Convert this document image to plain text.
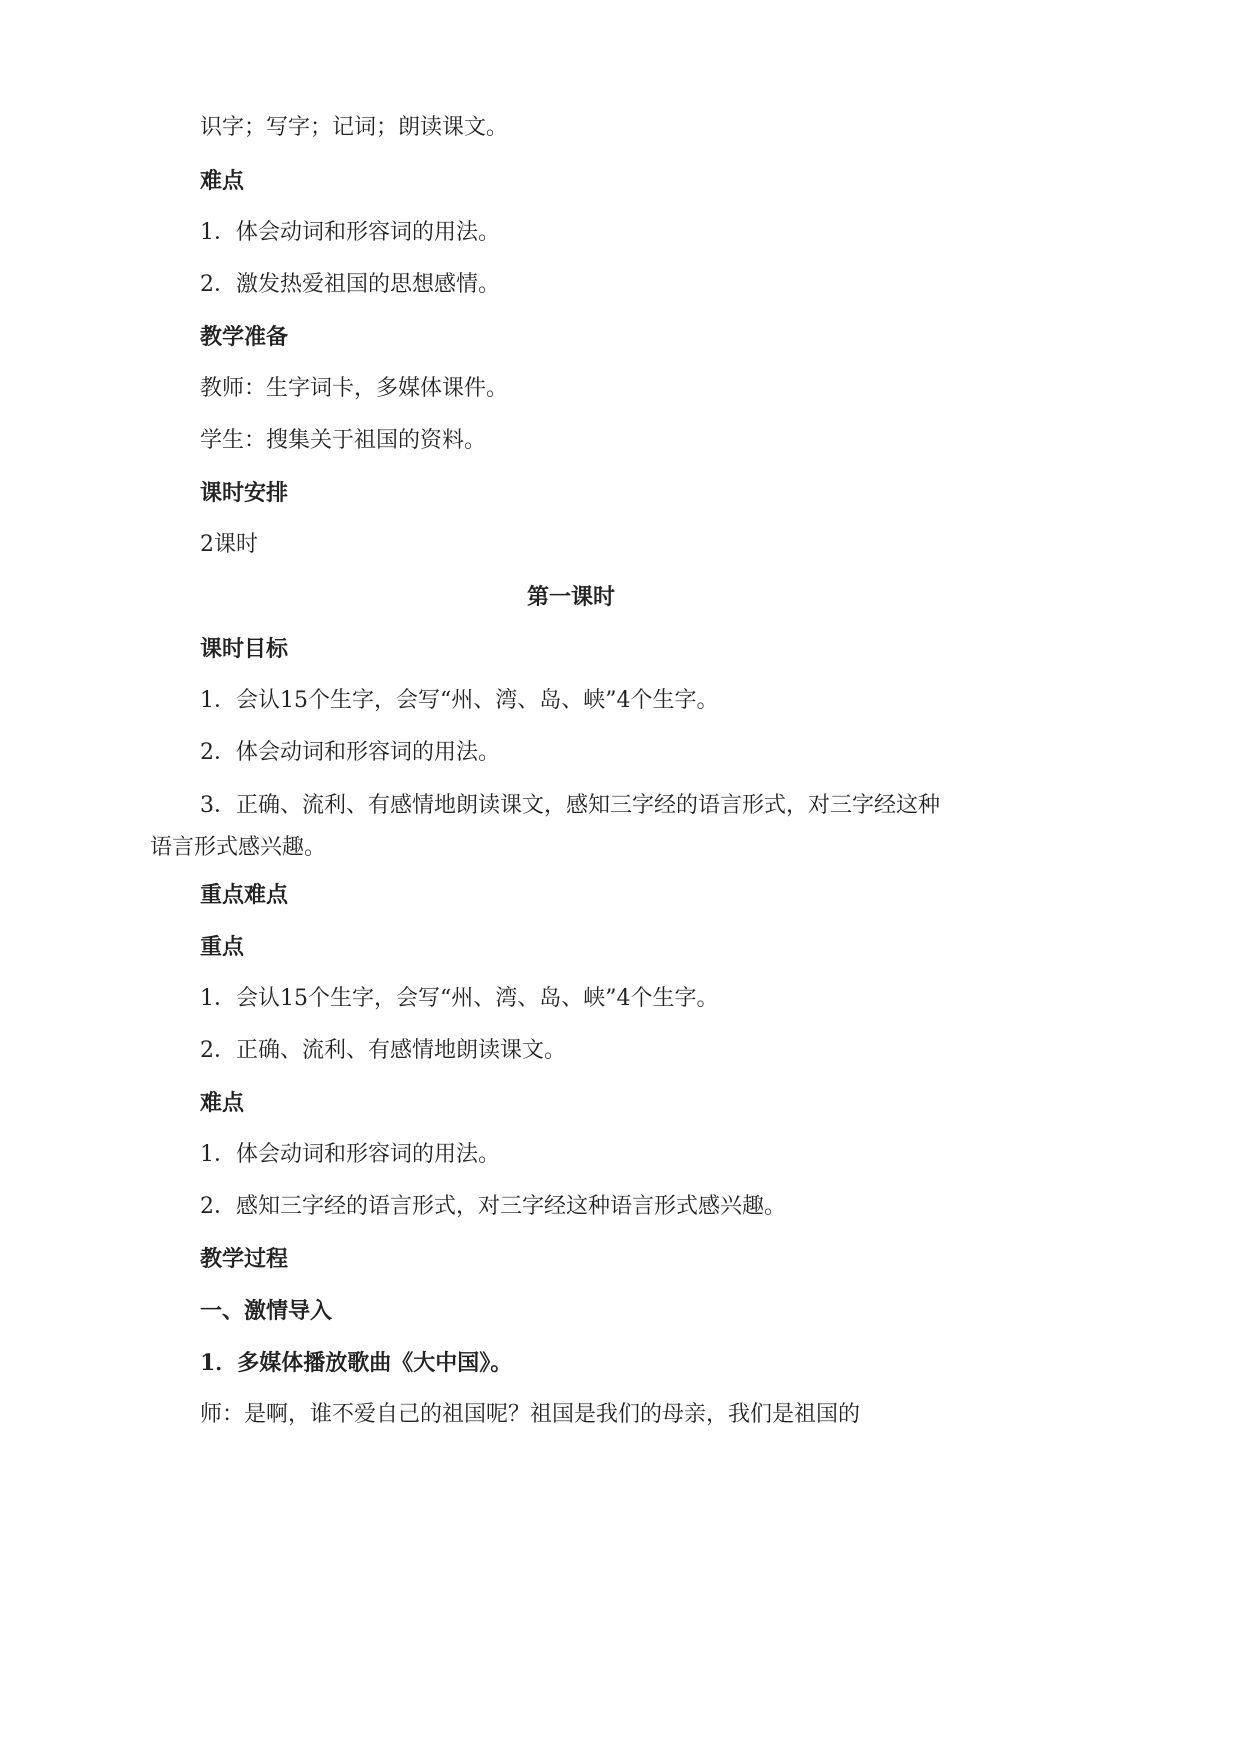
识字；写字；记词；朗读课文。
难点
1．体会动词和形容词的用法。
2．激发热爱祖国的思想感情。
教学准备
教师：生字词卡，多媒体课件。
学生：搜集关于祖国的资料。
课时安排
2课时
第一课时
课时目标
1．会认15个生字，会写“州、湾、岛、峡”4个生字。
2．体会动词和形容词的用法。
3．正确、流利、有感情地朗读课文，感知三字经的语言形式，对三字经这种语言形式感兴趣。
重点难点
重点
1．会认15个生字，会写“州、湾、岛、峡”4个生字。
2．正确、流利、有感情地朗读课文。
难点
1．体会动词和形容词的用法。
2．感知三字经的语言形式，对三字经这种语言形式感兴趣。
教学过程
一、激情导入
1．多媒体播放歌曲《大中国》。
师：是啊，谁不爱自己的祖国呢？祖国是我们的母亲，我们是祖国的
